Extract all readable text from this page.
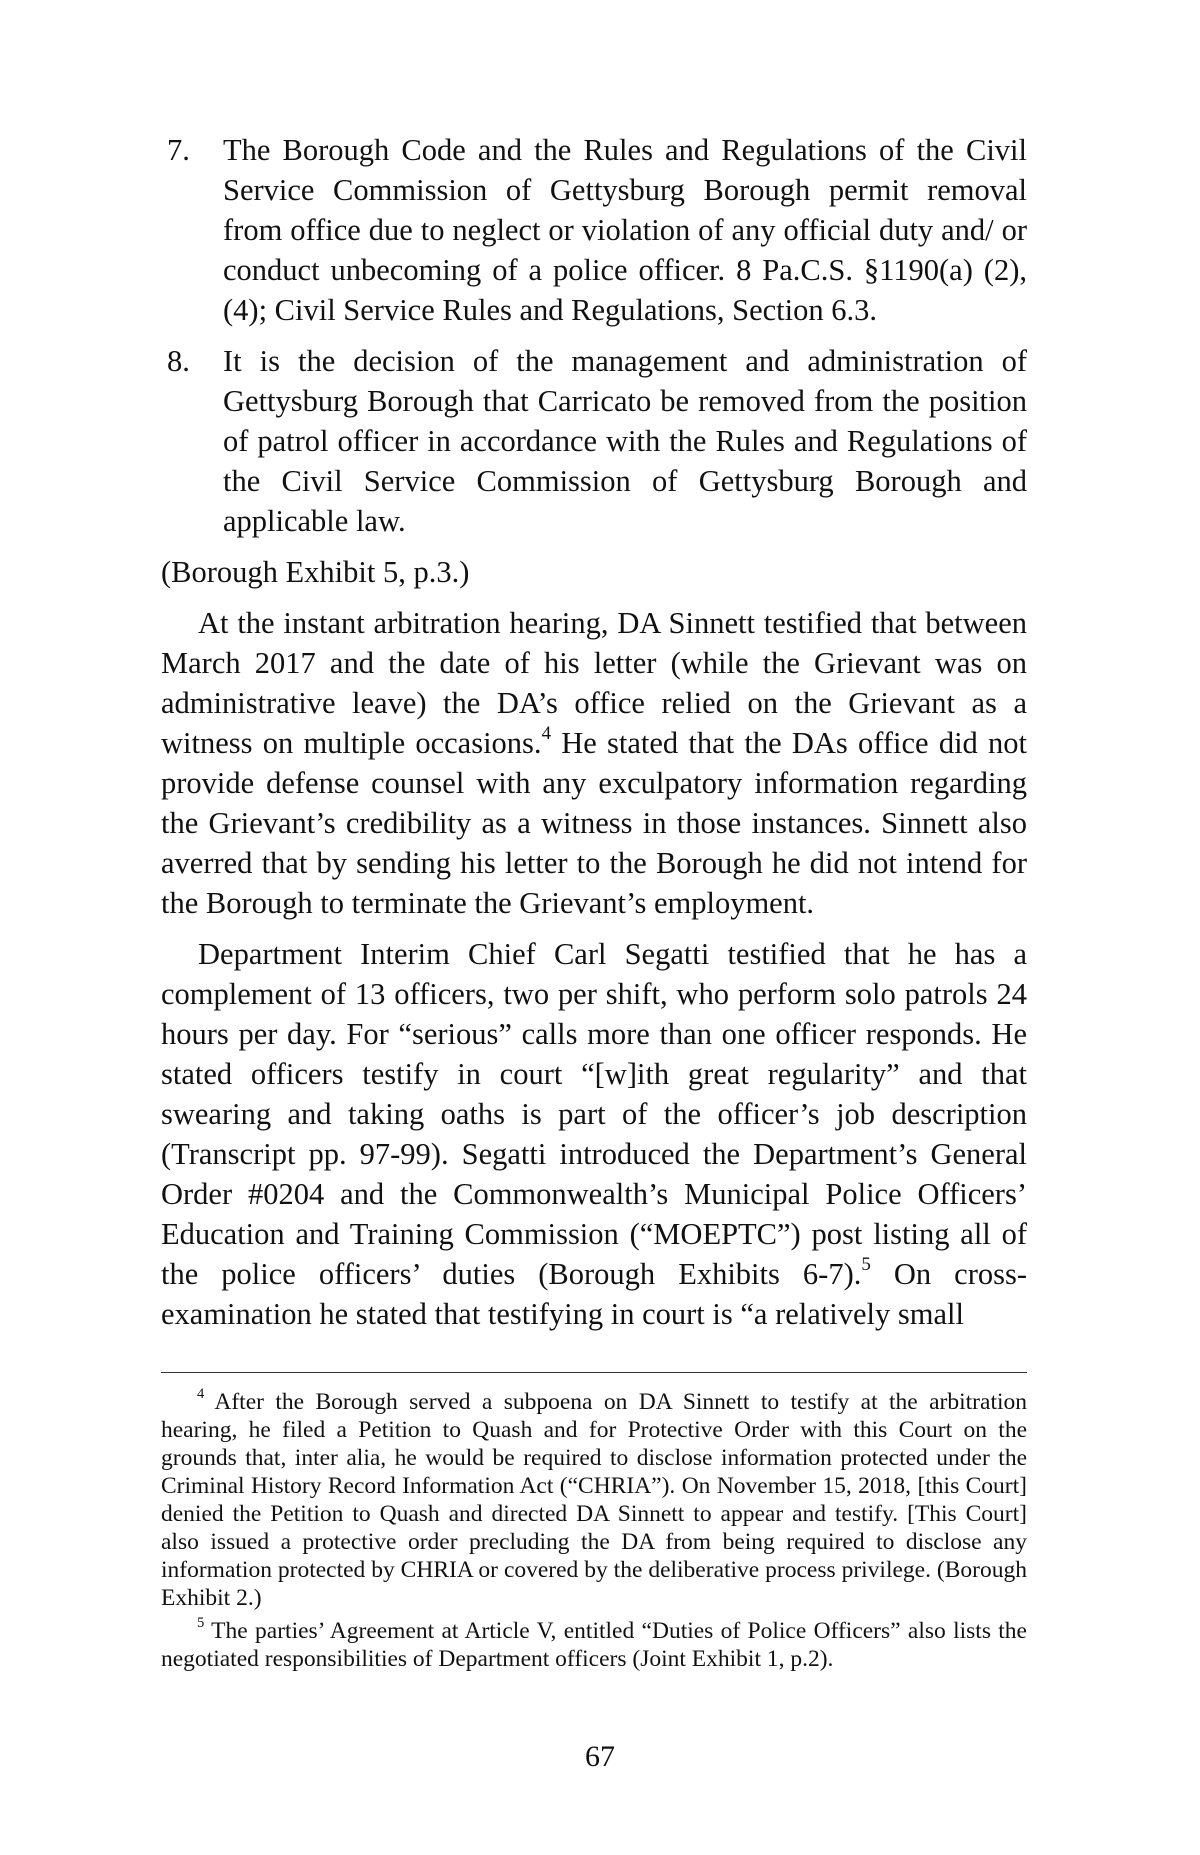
7. The Borough Code and the Rules and Regulations of the Civil Service Commission of Gettysburg Borough permit removal from office due to neglect or violation of any official duty and/ or conduct unbecoming of a police officer. 8 Pa.C.S. §1190(a) (2),(4); Civil Service Rules and Regulations, Section 6.3.

8. It is the decision of the management and administration of Gettysburg Borough that Carricato be removed from the position of patrol officer in accordance with the Rules and Regulations of the Civil Service Commission of Gettysburg Borough and applicable law.

(Borough Exhibit 5, p.3.)

At the instant arbitration hearing, DA Sinnett testified that between March 2017 and the date of his letter (while the Grievant was on administrative leave) the DA’s office relied on the Grievant as a witness on multiple occasions.$^4$ He stated that the DAs office did not provide defense counsel with any exculpatory information regarding the Grievant’s credibility as a witness in those instances. Sinnett also averred that by sending his letter to the Borough he did not intend for the Borough to terminate the Grievant’s employment.

Department Interim Chief Carl Segatti testified that he has a complement of 13 officers, two per shift, who perform solo patrols 24 hours per day. For “serious” calls more than one officer responds. He stated officers testify in court “[w]ith great regularity” and that swearing and taking oaths is part of the officer’s job description (Transcript pp. 97-99). Segatti introduced the Department’s General Order #0204 and the Commonwealth’s Municipal Police Officers’ Education and Training Commission (“MOEPTC”) post listing all of the police officers’ duties (Borough Exhibits 6-7).$^5$ On cross-examination he stated that testifying in court is “a relatively small

$^4$ After the Borough served a subpoena on DA Sinnett to testify at the arbitration hearing, he filed a Petition to Quash and for Protective Order with this Court on the grounds that, inter alia, he would be required to disclose information protected under the Criminal History Record Information Act (“CHRIA”). On November 15, 2018, [this Court] denied the Petition to Quash and directed DA Sinnett to appear and testify. [This Court] also issued a protective order precluding the DA from being required to disclose any information protected by CHRIA or covered by the deliberative process privilege. (Borough Exhibit 2.)

$^5$ The parties’ Agreement at Article V, entitled “Duties of Police Officers” also lists the negotiated responsibilities of Department officers (Joint Exhibit 1, p.2).

67
